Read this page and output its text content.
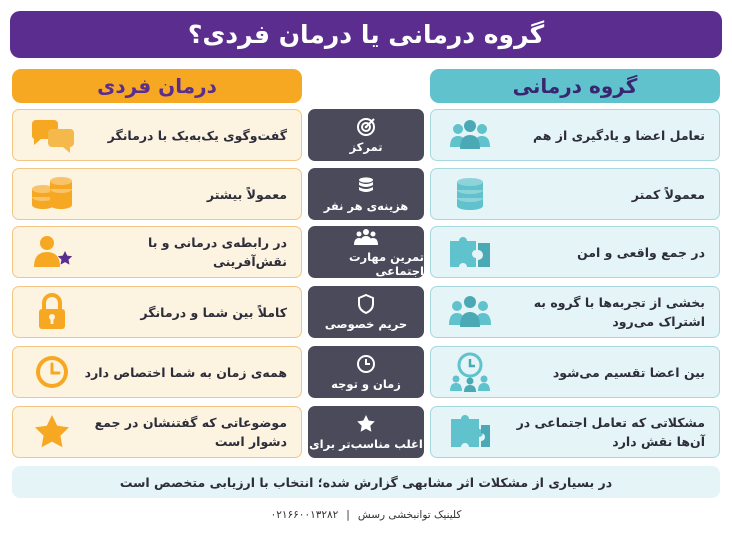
گروه درمانی یا درمان فردی؟
درمان فردی	گروه درمانی
گفت‌وگوی یک‌به‌یک با درمانگر
تمرکز
تعامل اعضا و یادگیری از هم
معمولاً بیشتر
هزینه‌ی هر نفر
معمولاً کمتر
در رابطه‌ی درمانی و با نقش‌آفرینی	تمرین مهارت اجتماعی
در جمع واقعی و امن
کاملاً بین شما و درمانگر
حریم خصوصی
بخشی از تجربه‌ها با گروه به اشتراک می‌رود
همه‌ی زمان به شما اختصاص دارد
زمان و توجه
بین اعضا تقسیم می‌شود
موضوعاتی که گفتنشان در جمع دشوار است اغلب مناسب‌تر برای
مشکلاتی که تعامل اجتماعی در آن‌ها نقش دارد
در بسیاری از مشکلات اثر مشابهی گزارش شده؛ انتخاب با ارزیابی متخصص است
کلینیک توانبخشی رسش
|
۰۲۱۶۶۰۰۱۳۲۸۲
